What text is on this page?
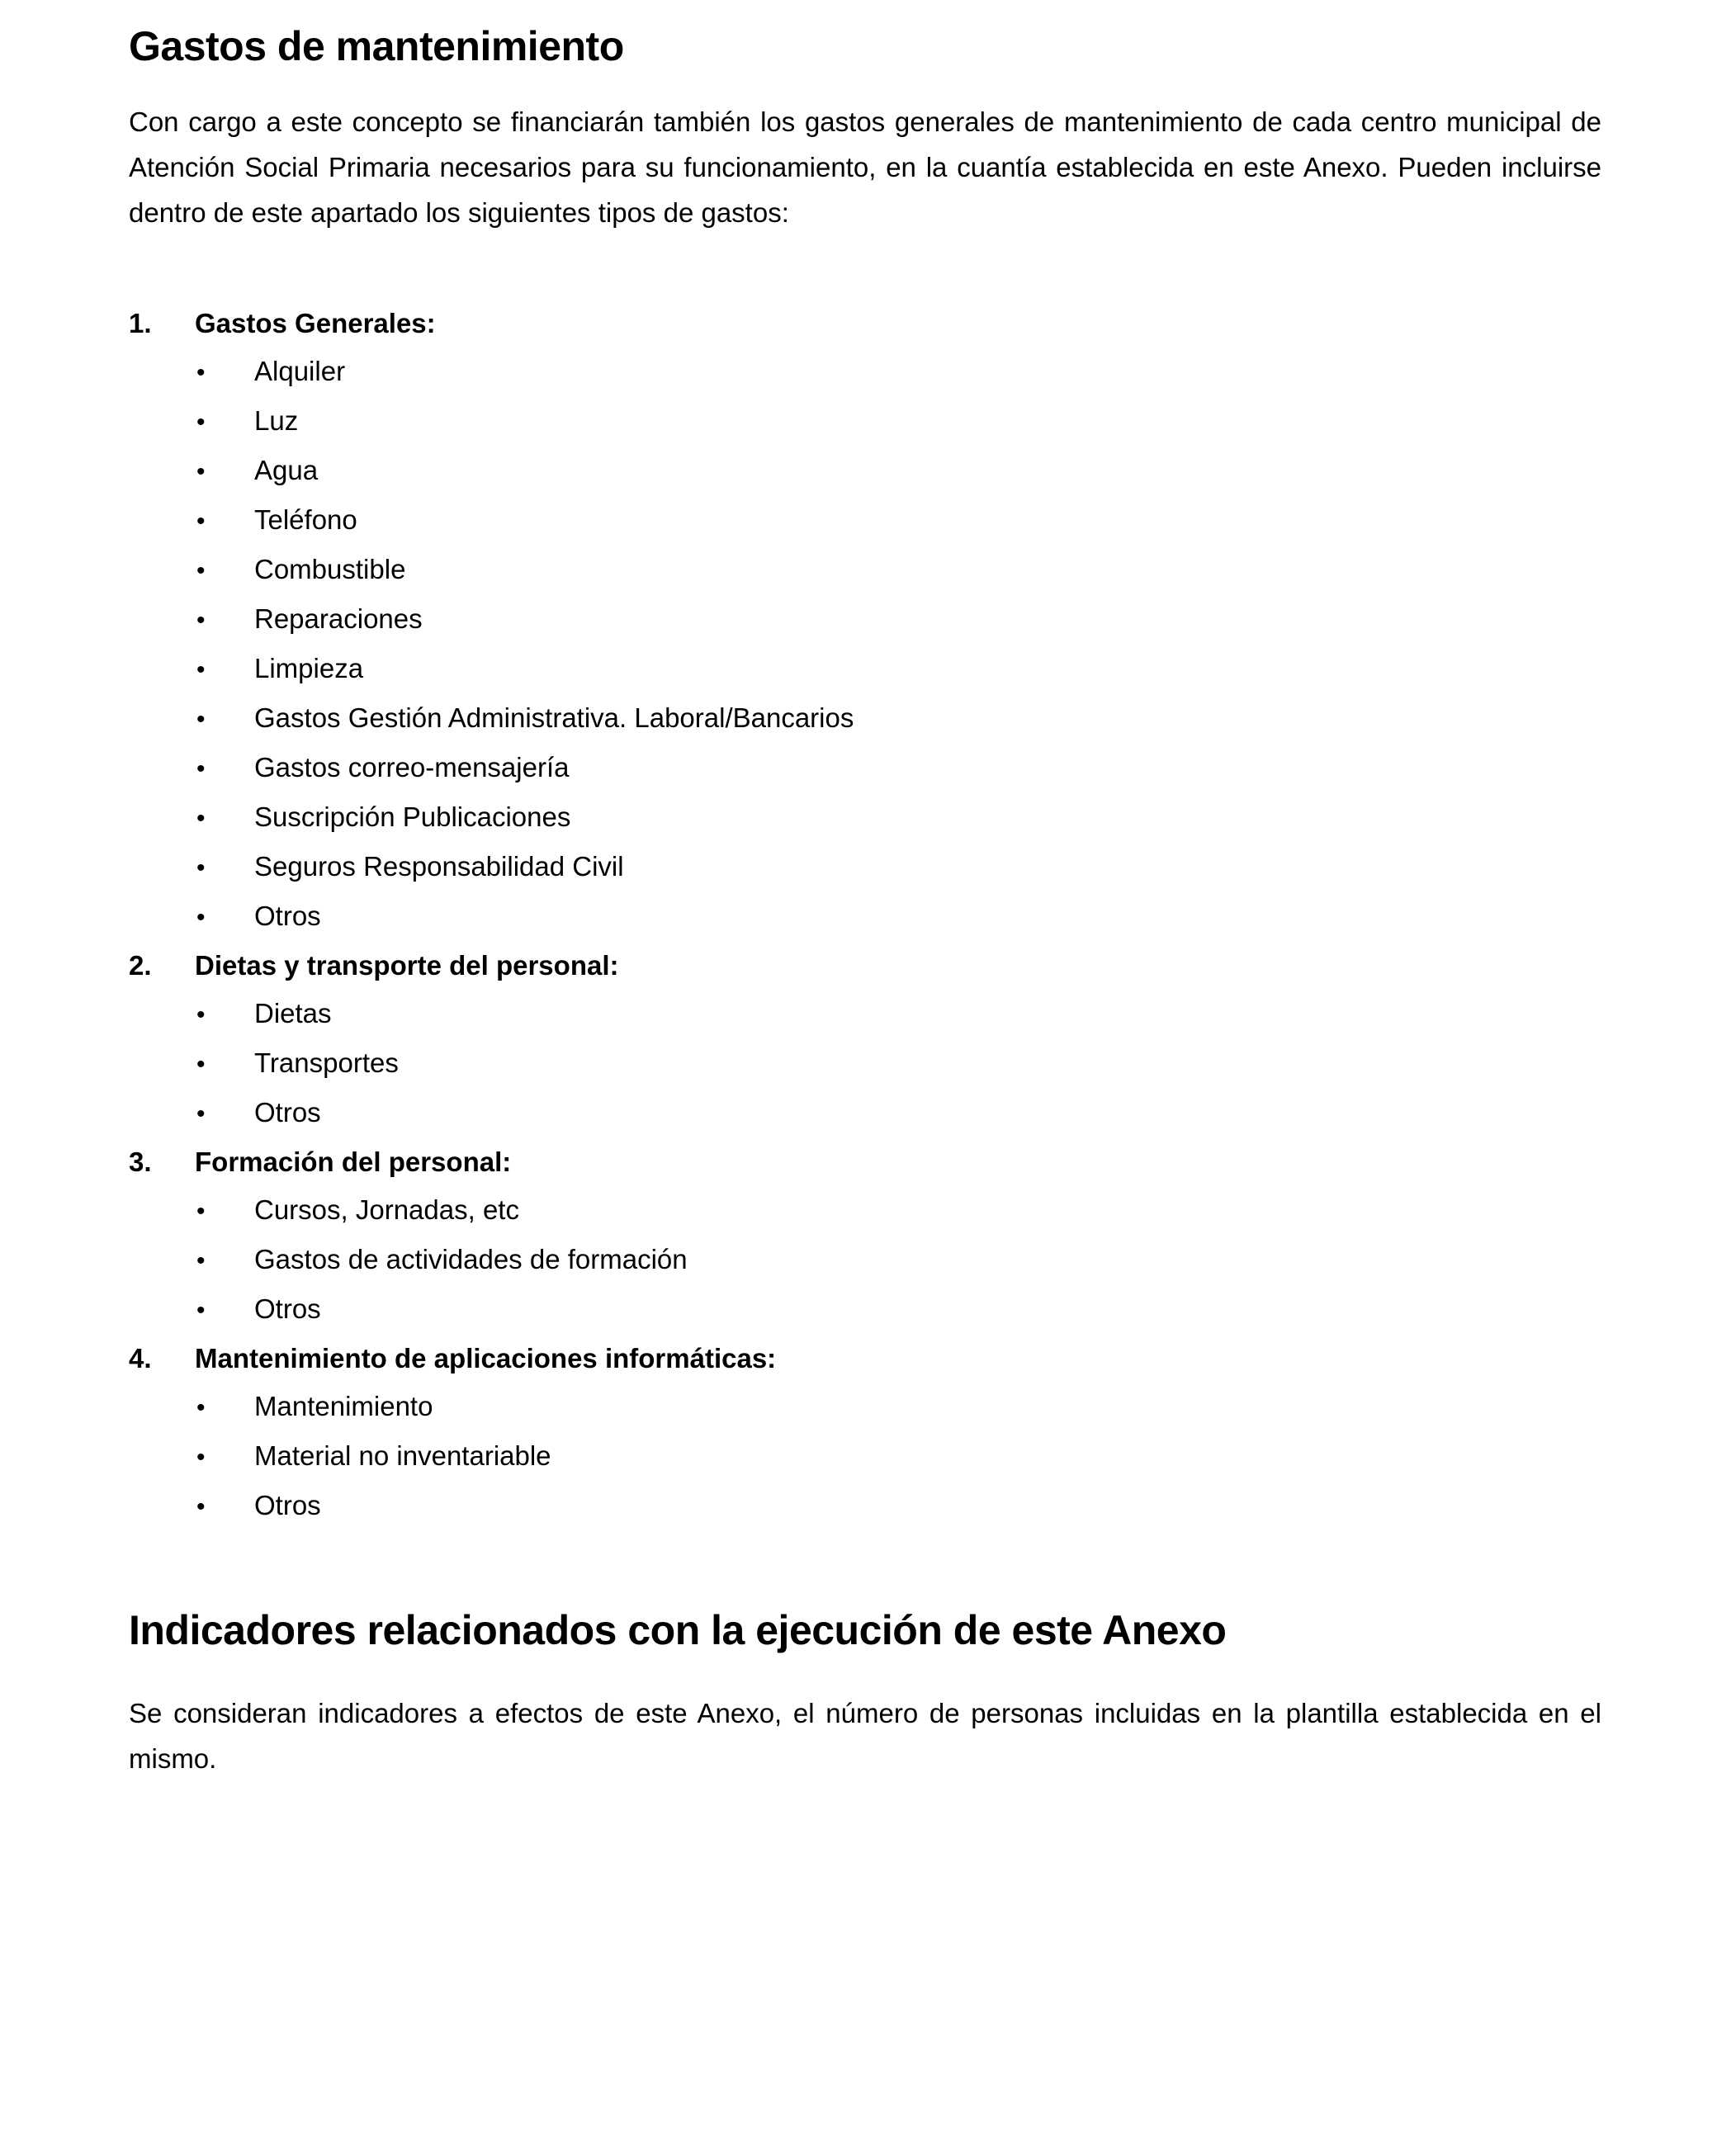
Gastos de mantenimiento

Con cargo a este concepto se financiarán también los gastos generales de mantenimiento de cada centro municipal de Atención Social Primaria necesarios para su funcionamiento, en la cuantía establecida en este Anexo. Pueden incluirse dentro de este apartado los siguientes tipos de gastos:

1.	Gastos Generales:
•	Alquiler
•	Luz
•	Agua
•	Teléfono
•	Combustible
•	Reparaciones
•	Limpieza
•	Gastos Gestión Administrativa. Laboral/Bancarios
•	Gastos correo-mensajería
•	Suscripción Publicaciones
•	Seguros Responsabilidad Civil
•	Otros
2.	Dietas y transporte del personal:
•	Dietas
•	Transportes
•	Otros
3.	Formación del personal:
•	Cursos, Jornadas, etc
•	Gastos de actividades de formación
•	Otros
4.	Mantenimiento de aplicaciones informáticas:
•	Mantenimiento
•	Material no inventariable
•	Otros
Indicadores relacionados con la ejecución de este Anexo

Se consideran indicadores a efectos de este Anexo, el número de personas incluidas en la plantilla establecida en el mismo.
